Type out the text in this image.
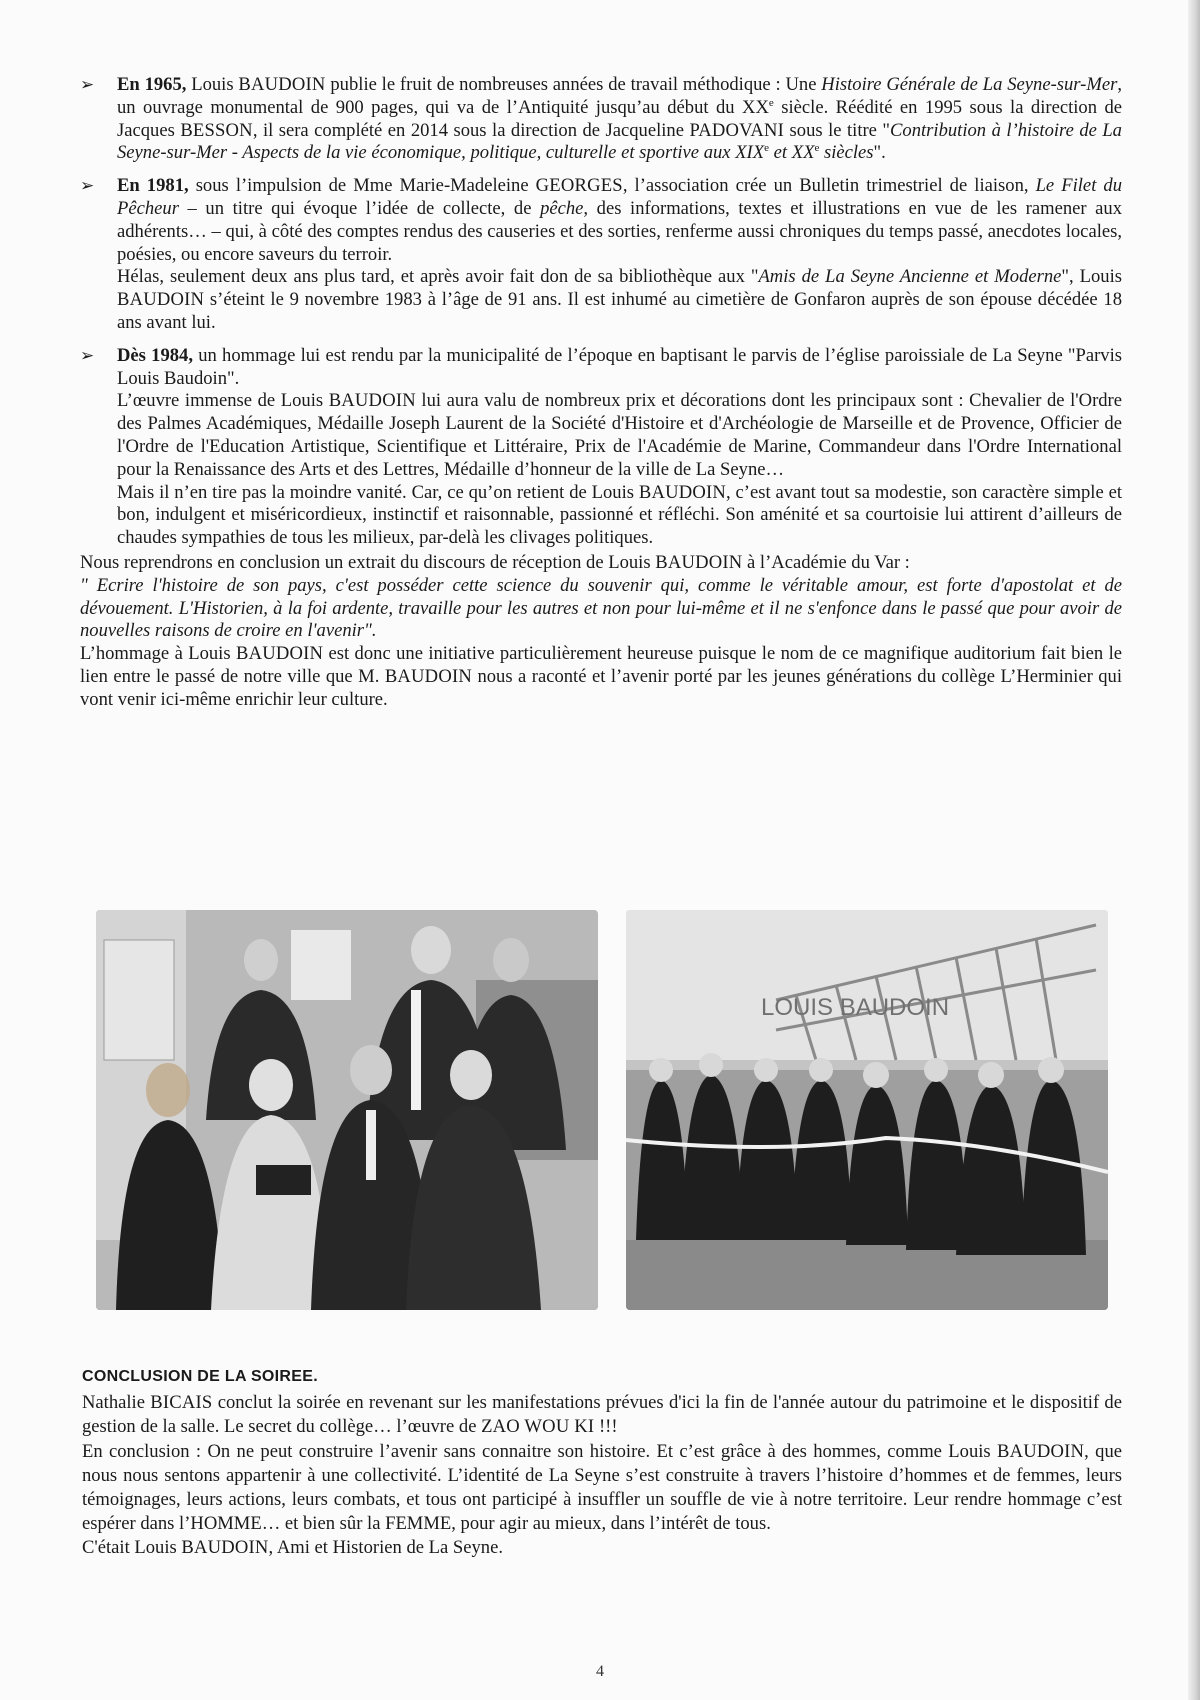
➢	En 1965, Louis BAUDOIN publie le fruit de nombreuses années de travail méthodique : Une Histoire Générale de La Seyne-sur-Mer, un ouvrage monumental de 900 pages, qui va de l’Antiquité jusqu’au début du XXe siècle. Réédité en 1995 sous la direction de Jacques BESSON, il sera complété en 2014 sous la direction de Jacqueline PADOVANI sous le titre "Contribution à l’histoire de La Seyne-sur-Mer - Aspects de la vie économique, politique, culturelle et sportive aux XIXe et XXe siècles".

➢	En 1981, sous l’impulsion de Mme Marie-Madeleine GEORGES, l’association crée un Bulletin trimestriel de liaison, Le Filet du Pêcheur – un titre qui évoque l’idée de collecte, de pêche, des informations, textes et illustrations en vue de les ramener aux adhérents… – qui, à côté des comptes rendus des causeries et des sorties, renferme aussi chroniques du temps passé, anecdotes locales, poésies, ou encore saveurs du terroir.

Hélas, seulement deux ans plus tard, et après avoir fait don de sa bibliothèque aux "Amis de La Seyne Ancienne et Moderne", Louis BAUDOIN s’éteint le 9 novembre 1983 à l’âge de 91 ans. Il est inhumé au cimetière de Gonfaron auprès de son épouse décédée 18 ans avant lui.

➢	Dès 1984, un hommage lui est rendu par la municipalité de l’époque en baptisant le parvis de l’église paroissiale de La Seyne "Parvis Louis Baudoin".

L’œuvre immense de Louis BAUDOIN lui aura valu de nombreux prix et décorations dont les principaux sont : Chevalier de l'Ordre des Palmes Académiques, Médaille Joseph Laurent de la Société d'Histoire et d'Archéologie de Marseille et de Provence, Officier de l'Ordre de l'Education Artistique, Scientifique et Littéraire, Prix de l'Académie de Marine, Commandeur dans l'Ordre International pour la Renaissance des Arts et des Lettres, Médaille d’honneur de la ville de La Seyne…

Mais il n’en tire pas la moindre vanité. Car, ce qu’on retient de Louis BAUDOIN, c’est avant tout sa modestie, son caractère simple et bon, indulgent et miséricordieux, instinctif et raisonnable, passionné et réfléchi. Son aménité et sa courtoisie lui attirent d’ailleurs de chaudes sympathies de tous les milieux, par-delà les clivages politiques.

Nous reprendrons en conclusion un extrait du discours de réception de Louis BAUDOIN à l’Académie du Var :

" Ecrire l'histoire de son pays, c'est posséder cette science du souvenir qui, comme le véritable amour, est forte d'apostolat et de dévouement. L'Historien, à la foi ardente, travaille pour les autres et non pour lui-même et il ne s'enfonce dans le passé que pour avoir de nouvelles raisons de croire en l'avenir".

L’hommage à Louis BAUDOIN est donc une initiative particulièrement heureuse puisque le nom de ce magnifique auditorium fait bien le lien entre le passé de notre ville que M. BAUDOIN nous a raconté et l’avenir porté par les jeunes générations du collège L’Herminier qui vont venir ici-même enrichir leur culture.

LOUIS BAUDOIN
CONCLUSION DE LA SOIREE.

Nathalie BICAIS conclut la soirée en revenant sur les manifestations prévues d'ici la fin de l'année autour du patrimoine et le dispositif de gestion de la salle. Le secret du collège… l’œuvre de ZAO WOU KI !!!

En conclusion : On ne peut construire l’avenir sans connaitre son histoire. Et c’est grâce à des hommes, comme Louis BAUDOIN, que nous nous sentons appartenir à une collectivité. L’identité de La Seyne s’est construite à travers l’histoire d’hommes et de femmes, leurs témoignages, leurs actions, leurs combats, et tous ont participé à insuffler un souffle de vie à notre territoire. Leur rendre hommage c’est espérer dans l’HOMME… et bien sûr la FEMME, pour agir au mieux, dans l’intérêt de tous.

C'était Louis BAUDOIN, Ami et Historien de La Seyne.

4
